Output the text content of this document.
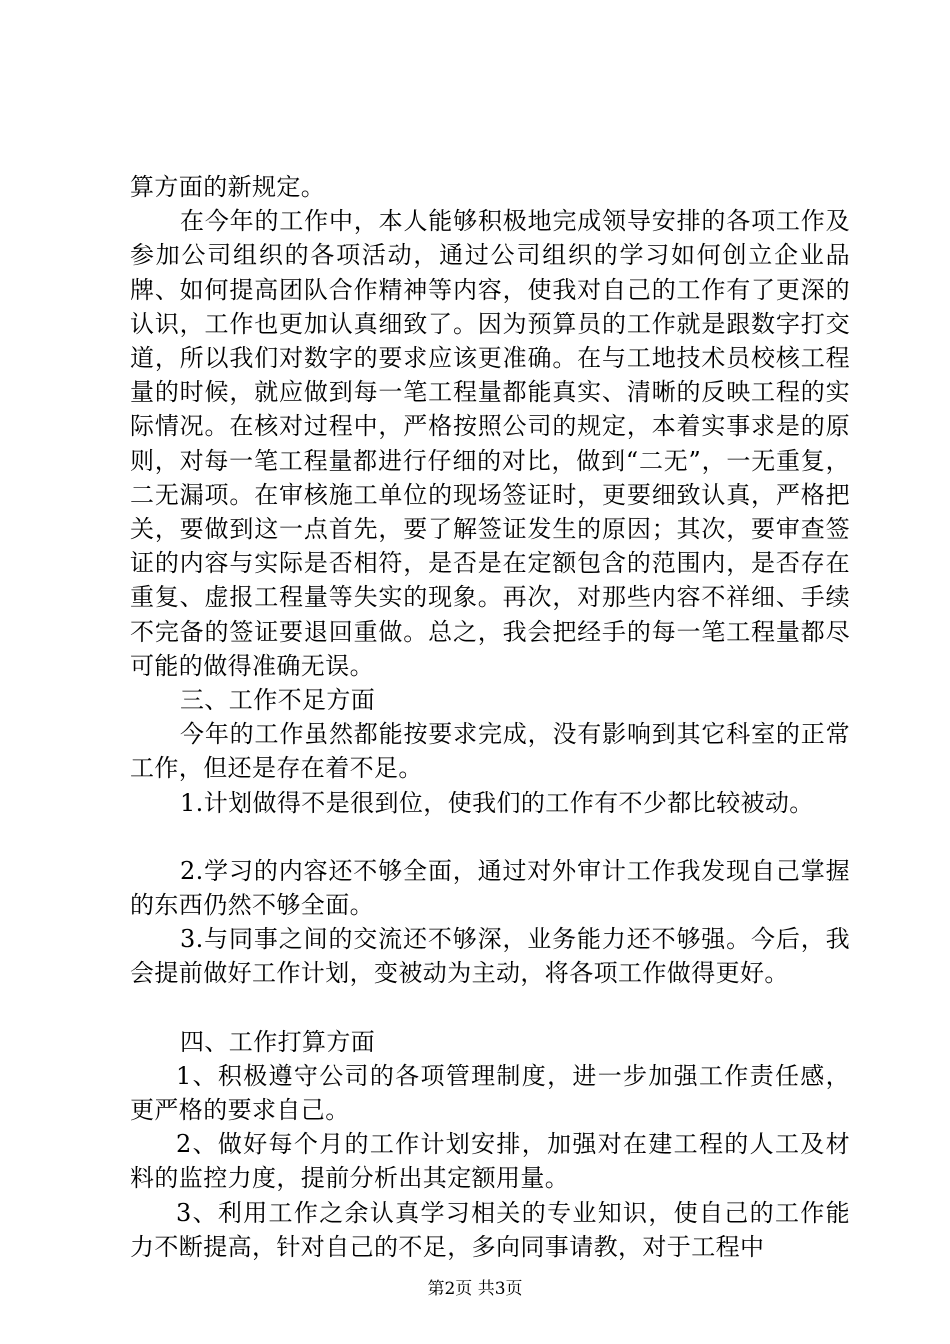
算方面的新规定。

在今年的工作中，本人能够积极地完成领导安排的各项工作及参加公司组织的各项活动，通过公司组织的学习如何创立企业品牌、如何提高团队合作精神等内容，使我对自己的工作有了更深的认识，工作也更加认真细致了。因为预算员的工作就是跟数字打交道，所以我们对数字的要求应该更准确。在与工地技术员校核工程量的时候，就应做到每一笔工程量都能真实、清晰的反映工程的实际情况。在核对过程中，严格按照公司的规定，本着实事求是的原则，对每一笔工程量都进行仔细的对比，做到“二无”，一无重复，二无漏项。在审核施工单位的现场签证时，更要细致认真，严格把关，要做到这一点首先，要了解签证发生的原因；其次，要审查签证的内容与实际是否相符，是否是在定额包含的范围内，是否存在重复、虚报工程量等失实的现象。再次，对那些内容不祥细、手续不完备的签证要退回重做。总之，我会把经手的每一笔工程量都尽可能的做得准确无误。

三、工作不足方面

今年的工作虽然都能按要求完成，没有影响到其它科室的正常工作，但还是存在着不足。

1.计划做得不是很到位，使我们的工作有不少都比较被动。

2.学习的内容还不够全面，通过对外审计工作我发现自己掌握的东西仍然不够全面。

3.与同事之间的交流还不够深，业务能力还不够强。今后，我会提前做好工作计划，变被动为主动，将各项工作做得更好。

四、工作打算方面

1、积极遵守公司的各项管理制度，进一步加强工作责任感，更严格的要求自己。

2、做好每个月的工作计划安排，加强对在建工程的人工及材料的监控力度，提前分析出其定额用量。

3、利用工作之余认真学习相关的专业知识，使自己的工作能力不断提高，针对自己的不足，多向同事请教，对于工程中

第2页 共3页
